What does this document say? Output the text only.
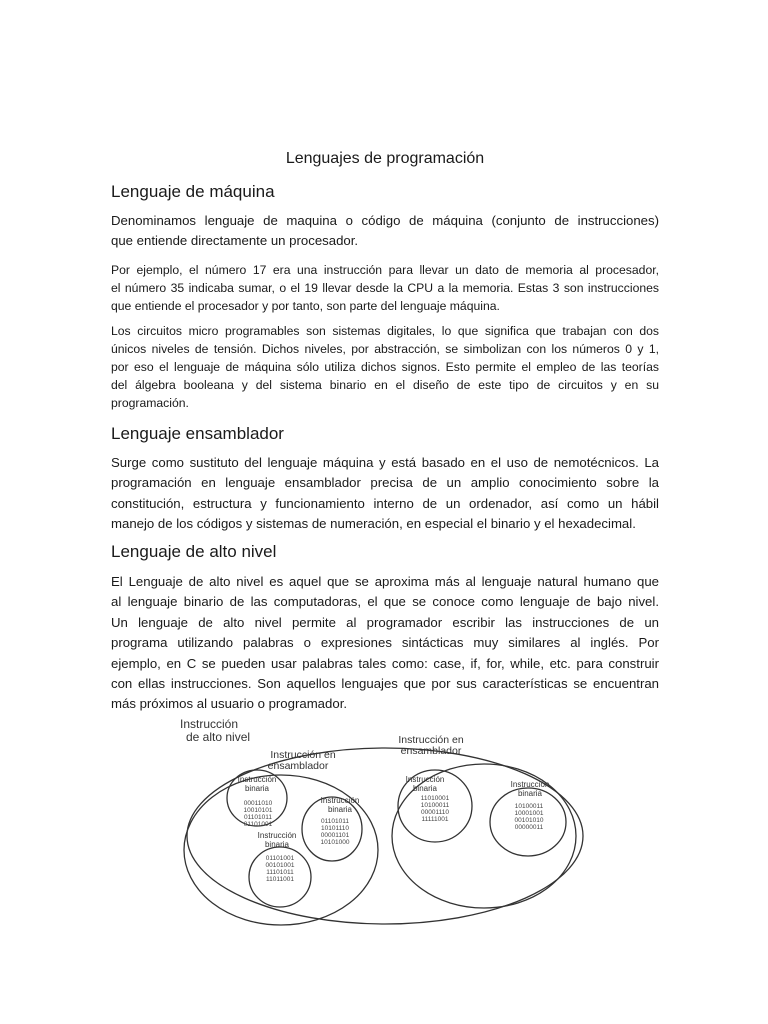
Lenguajes de programación
Lenguaje de máquina
Denominamos lenguaje de maquina o código de máquina (conjunto de instrucciones)
que entiende directamente un procesador.
Por ejemplo, el número 17 era una instrucción para llevar un dato de memoria al procesador,
el número 35 indicaba sumar, o el 19 llevar desde la CPU a la memoria. Estas 3 son instrucciones
que entiende el procesador y por tanto, son parte del lenguaje máquina.
Los circuitos micro programables son sistemas digitales, lo que significa que trabajan con dos
únicos niveles de tensión. Dichos niveles, por abstracción, se simbolizan con los números 0 y 1,
por eso el lenguaje de máquina sólo utiliza dichos signos. Esto permite el empleo de las teorías
del álgebra booleana y del sistema binario en el diseño de este tipo de circuitos y en su
programación.
Lenguaje ensamblador
Surge como sustituto del lenguaje máquina y está basado en el uso de nemotécnicos. La
programación en lenguaje ensamblador precisa de un amplio conocimiento sobre la
constitución, estructura y funcionamiento interno de un ordenador, así como un hábil
manejo de los códigos y sistemas de numeración, en especial el binario y el hexadecimal.
Lenguaje de alto nivel
El Lenguaje de alto nivel es aquel que se aproxima más al lenguaje natural humano que
al lenguaje binario de las computadoras, el que se conoce como lenguaje de bajo nivel.
Un lenguaje de alto nivel permite al programador escribir las instrucciones de un
programa utilizando palabras o expresiones sintácticas muy similares al inglés. Por
ejemplo, en C se pueden usar palabras tales como: case, if, for, while, etc. para construir
con ellas instrucciones. Son aquellos lenguajes que por sus características se encuentran
más próximos al usuario o programador.
Instrucción
de alto nivel
Instrucción en
ensamblador
Instrucción en
ensamblador
Instrucción
binaria
Instrucción
binaria
Instrucción
binaria
Instrucción
binaria	Instrucción
binaria
00011010
10010101
01101011
01101001	01101011
10101110
00001101
10101000
01101001
00101001
11101011
11011001
11010001
10100011
00001110
11111001
10100011
10001001
00101010
00000011
